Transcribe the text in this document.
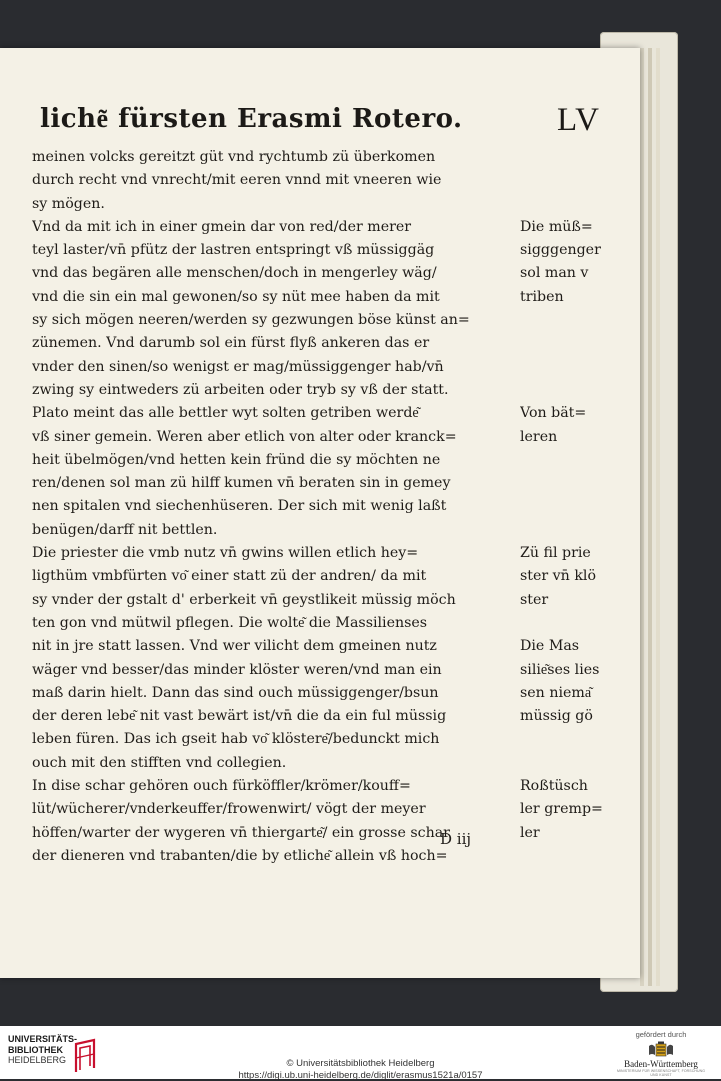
liche͂ fürsten Erasmi Rotero.	LV
meinen volcks gereitzt güt vnd rychtumb zü überkomen
durch recht vnd vnrecht/mit eeren vnnd mit vneeren wie
sy mögen.
Vnd da mit ich in einer gmein dar von red/der merer
teyl laster/vn̄ pfütz der lastren entspringt vß müssiggäg
vnd das begären alle menschen/doch in mengerley wäg/
vnd die sin ein mal gewonen/so sy nüt mee haben da mit
sy sich mögen neeren/werden sy gezwungen böse künst an=
zünemen. Vnd darumb sol ein fürst flyß ankeren das er
vnder den sinen/so wenigst er mag/müssiggenger hab/vn̄
zwing sy eintweders zü arbeiten oder tryb sy vß der statt.
Plato meint das alle bettler wyt solten getriben werde͂
vß siner gemein. Weren aber etlich von alter oder kranck=
heit übelmögen/vnd hetten kein fründ die sy möchten ne
ren/denen sol man zü hilff kumen vn̄ beraten sin in gemey
nen spitalen vnd siechenhüseren. Der sich mit wenig laßt
benügen/darff nit bettlen.
Die priester die vmb nutz vn̄ gwins willen etlich hey=
ligthüm vmbfürten vo͂ einer statt zü der andren/ da mit
sy vnder der gstalt d' erberkeit vn̄ geystlikeit müssig möch
ten gon vnd mütwil pflegen. Die wolte͂ die Massilienses
nit in jre statt lassen. Vnd wer vilicht dem gmeinen nutz
wäger vnd besser/das minder klöster weren/vnd man ein
maß darin hielt. Dann das sind ouch müssiggenger/bsun
der deren lebe͂ nit vast bewärt ist/vn̄ die da ein ful müssig
leben füren. Das ich gseit hab vo͂ klöstere͂/bedunckt mich
ouch mit den stifften vnd collegien.
In dise schar gehören ouch fürköffler/krömer/kouff=
lüt/wücherer/vnderkeuffer/frowenwirt/ vögt der meyer
höffen/warter der wygeren vn̄ thiergarte͂/ ein grosse schar
der dieneren vnd trabanten/die by etliche͂ allein vß hoch=
Die müß=
sigggenger
sol man v
triben
Von bät=
leren
Zü fil prie
ster vn̄ klö
ster
Die Mas
silie͂ses lies
sen niema͂
müssig gö
Roßtüsch
ler gremp=
ler
D iij
UNIVERSITÄTS-
BIBLIOTHEK
HEIDELBERG	© Universitätsbibliothek Heidelberg
https://digi.ub.uni-heidelberg.de/diglit/erasmus1521a/0157
gefördert durch
Baden-Württemberg
MINISTERIUM FÜR WISSENSCHAFT, FORSCHUNG UND KUNST
